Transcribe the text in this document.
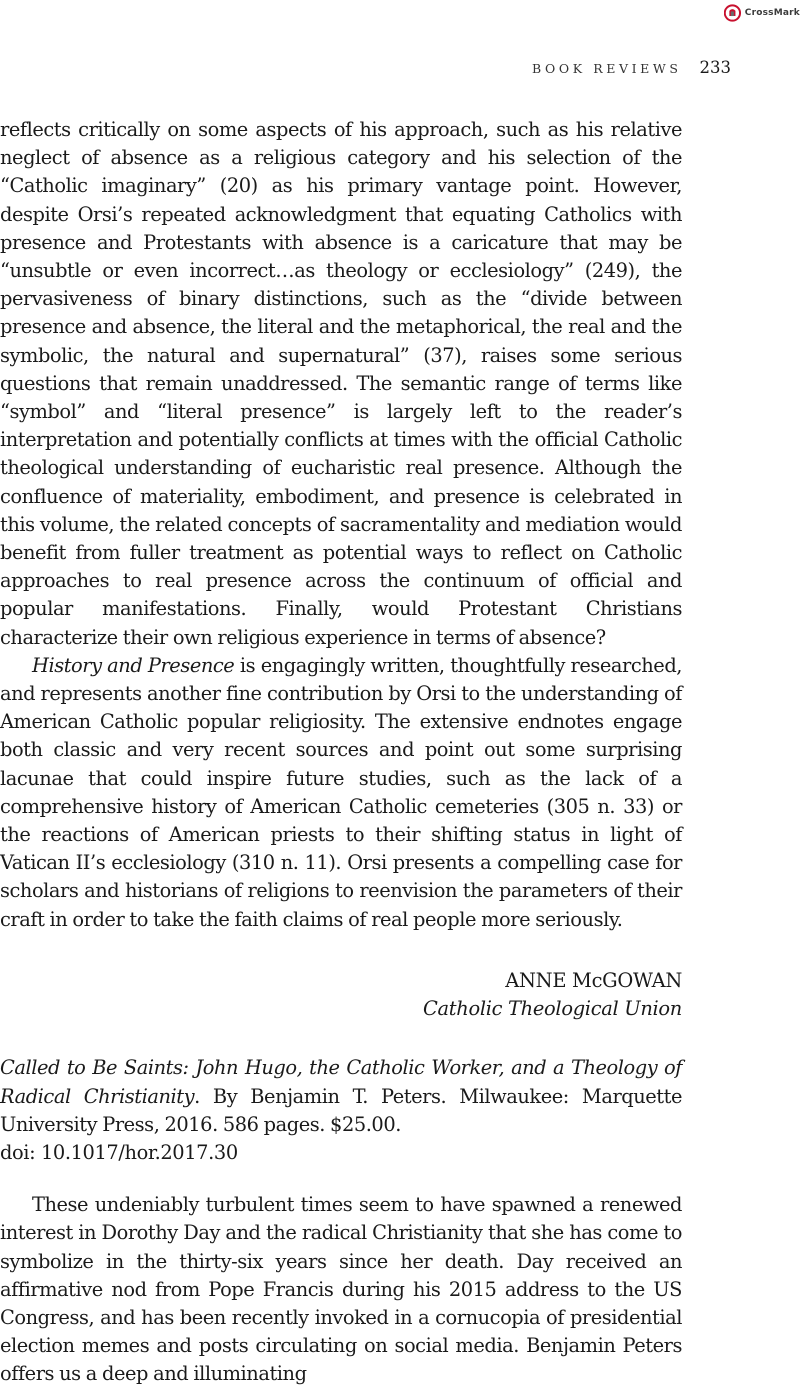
CrossMark
BOOK REVIEWS 233

reflects critically on some aspects of his approach, such as his relative neglect of absence as a religious category and his selection of the “Catholic imaginary” (20) as his primary vantage point. However, despite Orsi’s repeated acknowledgment that equating Catholics with presence and Protestants with absence is a caricature that may be “unsubtle or even incorrect…as theology or ecclesiology” (249), the pervasiveness of binary distinctions, such as the “divide between presence and absence, the literal and the metaphorical, the real and the symbolic, the natural and supernatural” (37), raises some serious questions that remain unaddressed. The semantic range of terms like “symbol” and “literal presence” is largely left to the reader’s interpretation and potentially conflicts at times with the official Catholic theological understanding of eucharistic real presence. Although the confluence of materiality, embodiment, and presence is celebrated in this volume, the related concepts of sacramentality and mediation would benefit from fuller treatment as potential ways to reflect on Catholic approaches to real presence across the continuum of official and popular manifestations. Finally, would Protestant Christians characterize their own religious experience in terms of absence?

History and Presence is engagingly written, thoughtfully researched, and represents another fine contribution by Orsi to the understanding of American Catholic popular religiosity. The extensive endnotes engage both classic and very recent sources and point out some surprising lacunae that could inspire future studies, such as the lack of a comprehensive history of American Catholic cemeteries (305 n. 33) or the reactions of American priests to their shifting status in light of Vatican II’s ecclesiology (310 n. 11). Orsi presents a compelling case for scholars and historians of religions to reenvision the parameters of their craft in order to take the faith claims of real people more seriously.

ANNE McGOWAN
Catholic Theological Union
Called to Be Saints: John Hugo, the Catholic Worker, and a Theology of Radical Christianity. By Benjamin T. Peters. Milwaukee: Marquette University Press, 2016. 586 pages. $25.00.
doi: 10.1017/hor.2017.30

These undeniably turbulent times seem to have spawned a renewed interest in Dorothy Day and the radical Christianity that she has come to symbolize in the thirty-six years since her death. Day received an affirmative nod from Pope Francis during his 2015 address to the US Congress, and has been recently invoked in a cornucopia of presidential election memes and posts circulating on social media. Benjamin Peters offers us a deep and illuminating
